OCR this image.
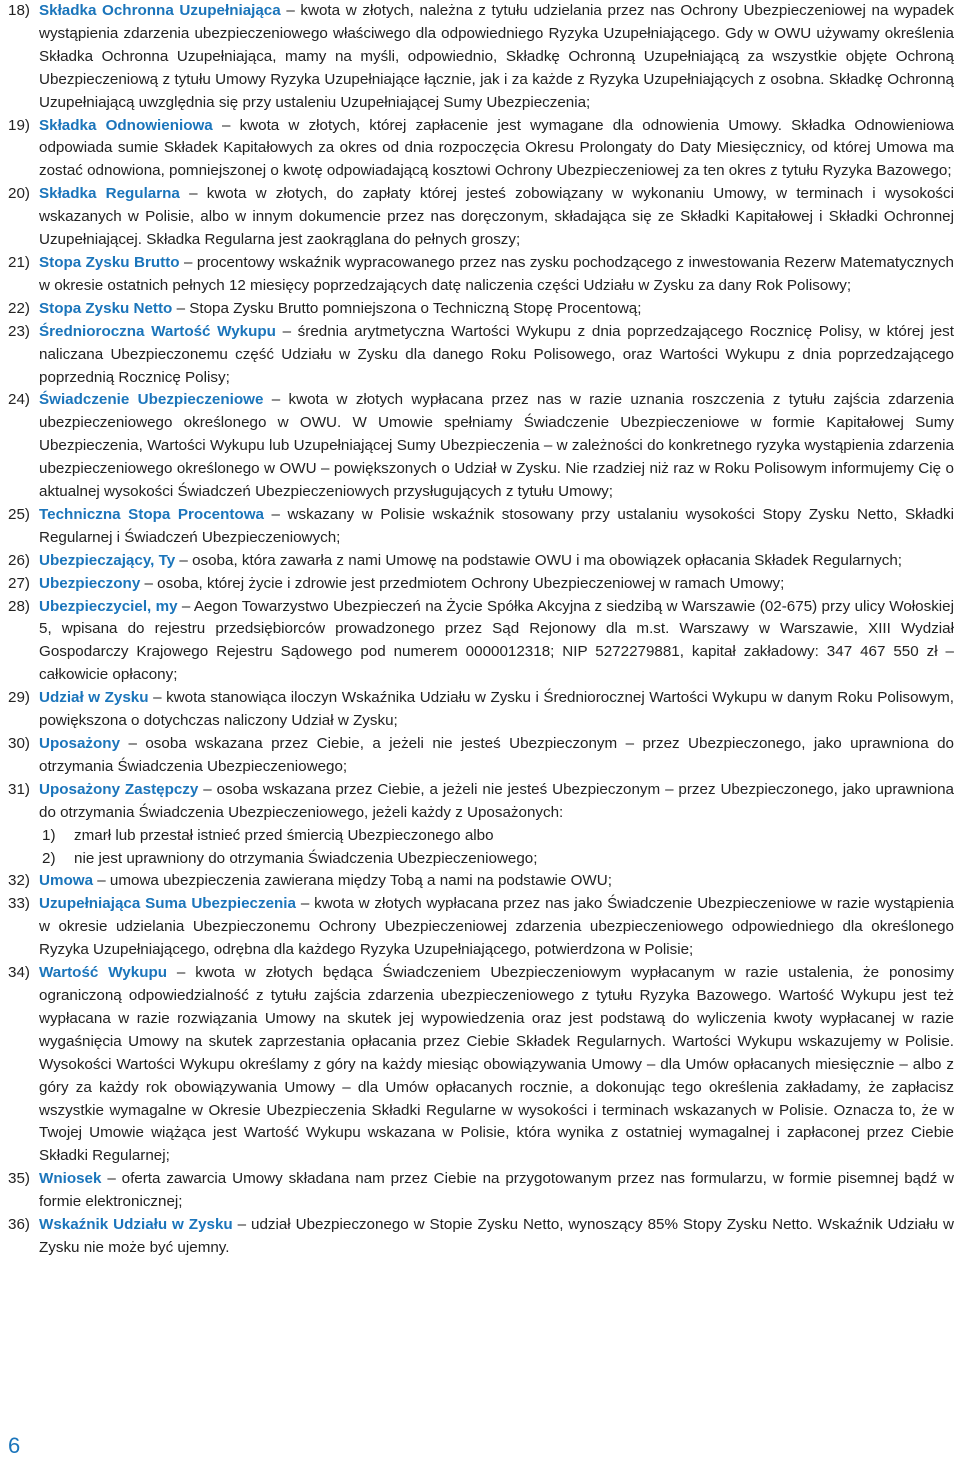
18) Składka Ochronna Uzupełniająca – kwota w złotych, należna z tytułu udzielania przez nas Ochrony Ubezpieczeniowej na wypadek wystąpienia zdarzenia ubezpieczeniowego właściwego dla odpowiedniego Ryzyka Uzupełniającego. Gdy w OWU używamy określenia Składka Ochronna Uzupełniająca, mamy na myśli, odpowiednio, Składkę Ochronną Uzupełniającą za wszystkie objęte Ochroną Ubezpieczeniową z tytułu Umowy Ryzyka Uzupełniające łącznie, jak i za każde z Ryzyka Uzupełniających z osobna. Składkę Ochronną Uzupełniającą uwzględnia się przy ustaleniu Uzupełniającej Sumy Ubezpieczenia;
19) Składka Odnowieniowa – kwota w złotych, której zapłacenie jest wymagane dla odnowienia Umowy. Składka Odnowieniowa odpowiada sumie Składek Kapitałowych za okres od dnia rozpoczęcia Okresu Prolongaty do Daty Miesięcznicy, od której Umowa ma zostać odnowiona, pomniejszonej o kwotę odpowiadającą kosztowi Ochrony Ubezpieczeniowej za ten okres z tytułu Ryzyka Bazowego;
20) Składka Regularna – kwota w złotych, do zapłaty której jesteś zobowiązany w wykonaniu Umowy, w terminach i wysokości wskazanych w Polisie, albo w innym dokumencie przez nas doręczonym, składająca się ze Składki Kapitałowej i Składki Ochronnej Uzupełniającej. Składka Regularna jest zaokrąglana do pełnych groszy;
21) Stopa Zysku Brutto – procentowy wskaźnik wypracowanego przez nas zysku pochodzącego z inwestowania Rezerw Matematycznych w okresie ostatnich pełnych 12 miesięcy poprzedzających datę naliczenia części Udziału w Zysku za dany Rok Polisowy;
22) Stopa Zysku Netto – Stopa Zysku Brutto pomniejszona o Techniczną Stopę Procentową;
23) Średnioroczna Wartość Wykupu – średnia arytmetyczna Wartości Wykupu z dnia poprzedzającego Rocznicę Polisy, w której jest naliczana Ubezpieczonemu część Udziału w Zysku dla danego Roku Polisowego, oraz Wartości Wykupu z dnia poprzedzającego poprzednią Rocznicę Polisy;
24) Świadczenie Ubezpieczeniowe – kwota w złotych wypłacana przez nas w razie uznania roszczenia z tytułu zajścia zdarzenia ubezpieczeniowego określonego w OWU. W Umowie spełniamy Świadczenie Ubezpieczeniowe w formie Kapitałowej Sumy Ubezpieczenia, Wartości Wykupu lub Uzupełniającej Sumy Ubezpieczenia – w zależności do konkretnego ryzyka wystąpienia zdarzenia ubezpieczeniowego określonego w OWU – powiększonych o Udział w Zysku. Nie rzadziej niż raz w Roku Polisowym informujemy Cię o aktualnej wysokości Świadczeń Ubezpieczeniowych przysługujących z tytułu Umowy;
25) Techniczna Stopa Procentowa – wskazany w Polisie wskaźnik stosowany przy ustalaniu wysokości Stopy Zysku Netto, Składki Regularnej i Świadczeń Ubezpieczeniowych;
26) Ubezpieczający, Ty – osoba, która zawarła z nami Umowę na podstawie OWU i ma obowiązek opłacania Składek Regularnych;
27) Ubezpieczony – osoba, której życie i zdrowie jest przedmiotem Ochrony Ubezpieczeniowej w ramach Umowy;
28) Ubezpieczyciel, my – Aegon Towarzystwo Ubezpieczeń na Życie Spółka Akcyjna z siedzibą w Warszawie (02-675) przy ulicy Wołoskiej 5, wpisana do rejestru przedsiębiorców prowadzonego przez Sąd Rejonowy dla m.st. Warszawy w Warszawie, XIII Wydział Gospodarczy Krajowego Rejestru Sądowego pod numerem 0000012318; NIP 5272279881, kapitał zakładowy: 347 467 550 zł – całkowicie opłacony;
29) Udział w Zysku – kwota stanowiąca iloczyn Wskaźnika Udziału w Zysku i Średniorocznej Wartości Wykupu w danym Roku Polisowym, powiększona o dotychczas naliczony Udział w Zysku;
30) Uposażony – osoba wskazana przez Ciebie, a jeżeli nie jesteś Ubezpieczonym – przez Ubezpieczonego, jako uprawniona do otrzymania Świadczenia Ubezpieczeniowego;
31) Uposażony Zastępczy – osoba wskazana przez Ciebie, a jeżeli nie jesteś Ubezpieczonym – przez Ubezpieczonego, jako uprawniona do otrzymania Świadczenia Ubezpieczeniowego, jeżeli każdy z Uposażonych:
1)	zmarł lub przestał istnieć przed śmiercią Ubezpieczonego albo
2)	nie jest uprawniony do otrzymania Świadczenia Ubezpieczeniowego;
32) Umowa – umowa ubezpieczenia zawierana między Tobą a nami na podstawie OWU;
33) Uzupełniająca Suma Ubezpieczenia – kwota w złotych wypłacana przez nas jako Świadczenie Ubezpieczeniowe w razie wystąpienia w okresie udzielania Ubezpieczonemu Ochrony Ubezpieczeniowej zdarzenia ubezpieczeniowego odpowiedniego dla określonego Ryzyka Uzupełniającego, odrębna dla każdego Ryzyka Uzupełniającego, potwierdzona w Polisie;
34) Wartość Wykupu – kwota w złotych będąca Świadczeniem Ubezpieczeniowym wypłacanym w razie ustalenia, że ponosimy ograniczoną odpowiedzialność z tytułu zajścia zdarzenia ubezpieczeniowego z tytułu Ryzyka Bazowego. Wartość Wykupu jest też wypłacana w razie rozwiązania Umowy na skutek jej wypowiedzenia oraz jest podstawą do wyliczenia kwoty wypłacanej w razie wygaśnięcia Umowy na skutek zaprzestania opłacania przez Ciebie Składek Regularnych. Wartości Wykupu wskazujemy w Polisie. Wysokości Wartości Wykupu określamy z góry na każdy miesiąc obowiązywania Umowy – dla Umów opłacanych miesięcznie – albo z góry za każdy rok obowiązywania Umowy – dla Umów opłacanych rocznie, a dokonując tego określenia zakładamy, że zapłacisz wszystkie wymagalne w Okresie Ubezpieczenia Składki Regularne w wysokości i terminach wskazanych w Polisie. Oznacza to, że w Twojej Umowie wiążąca jest Wartość Wykupu wskazana w Polisie, która wynika z ostatniej wymagalnej i zapłaconej przez Ciebie Składki Regularnej;
35) Wniosek – oferta zawarcia Umowy składana nam przez Ciebie na przygotowanym przez nas formularzu, w formie pisemnej bądź w formie elektronicznej;
36) Wskaźnik Udziału w Zysku – udział Ubezpieczonego w Stopie Zysku Netto, wynoszący 85% Stopy Zysku Netto. Wskaźnik Udziału w Zysku nie może być ujemny.
6
